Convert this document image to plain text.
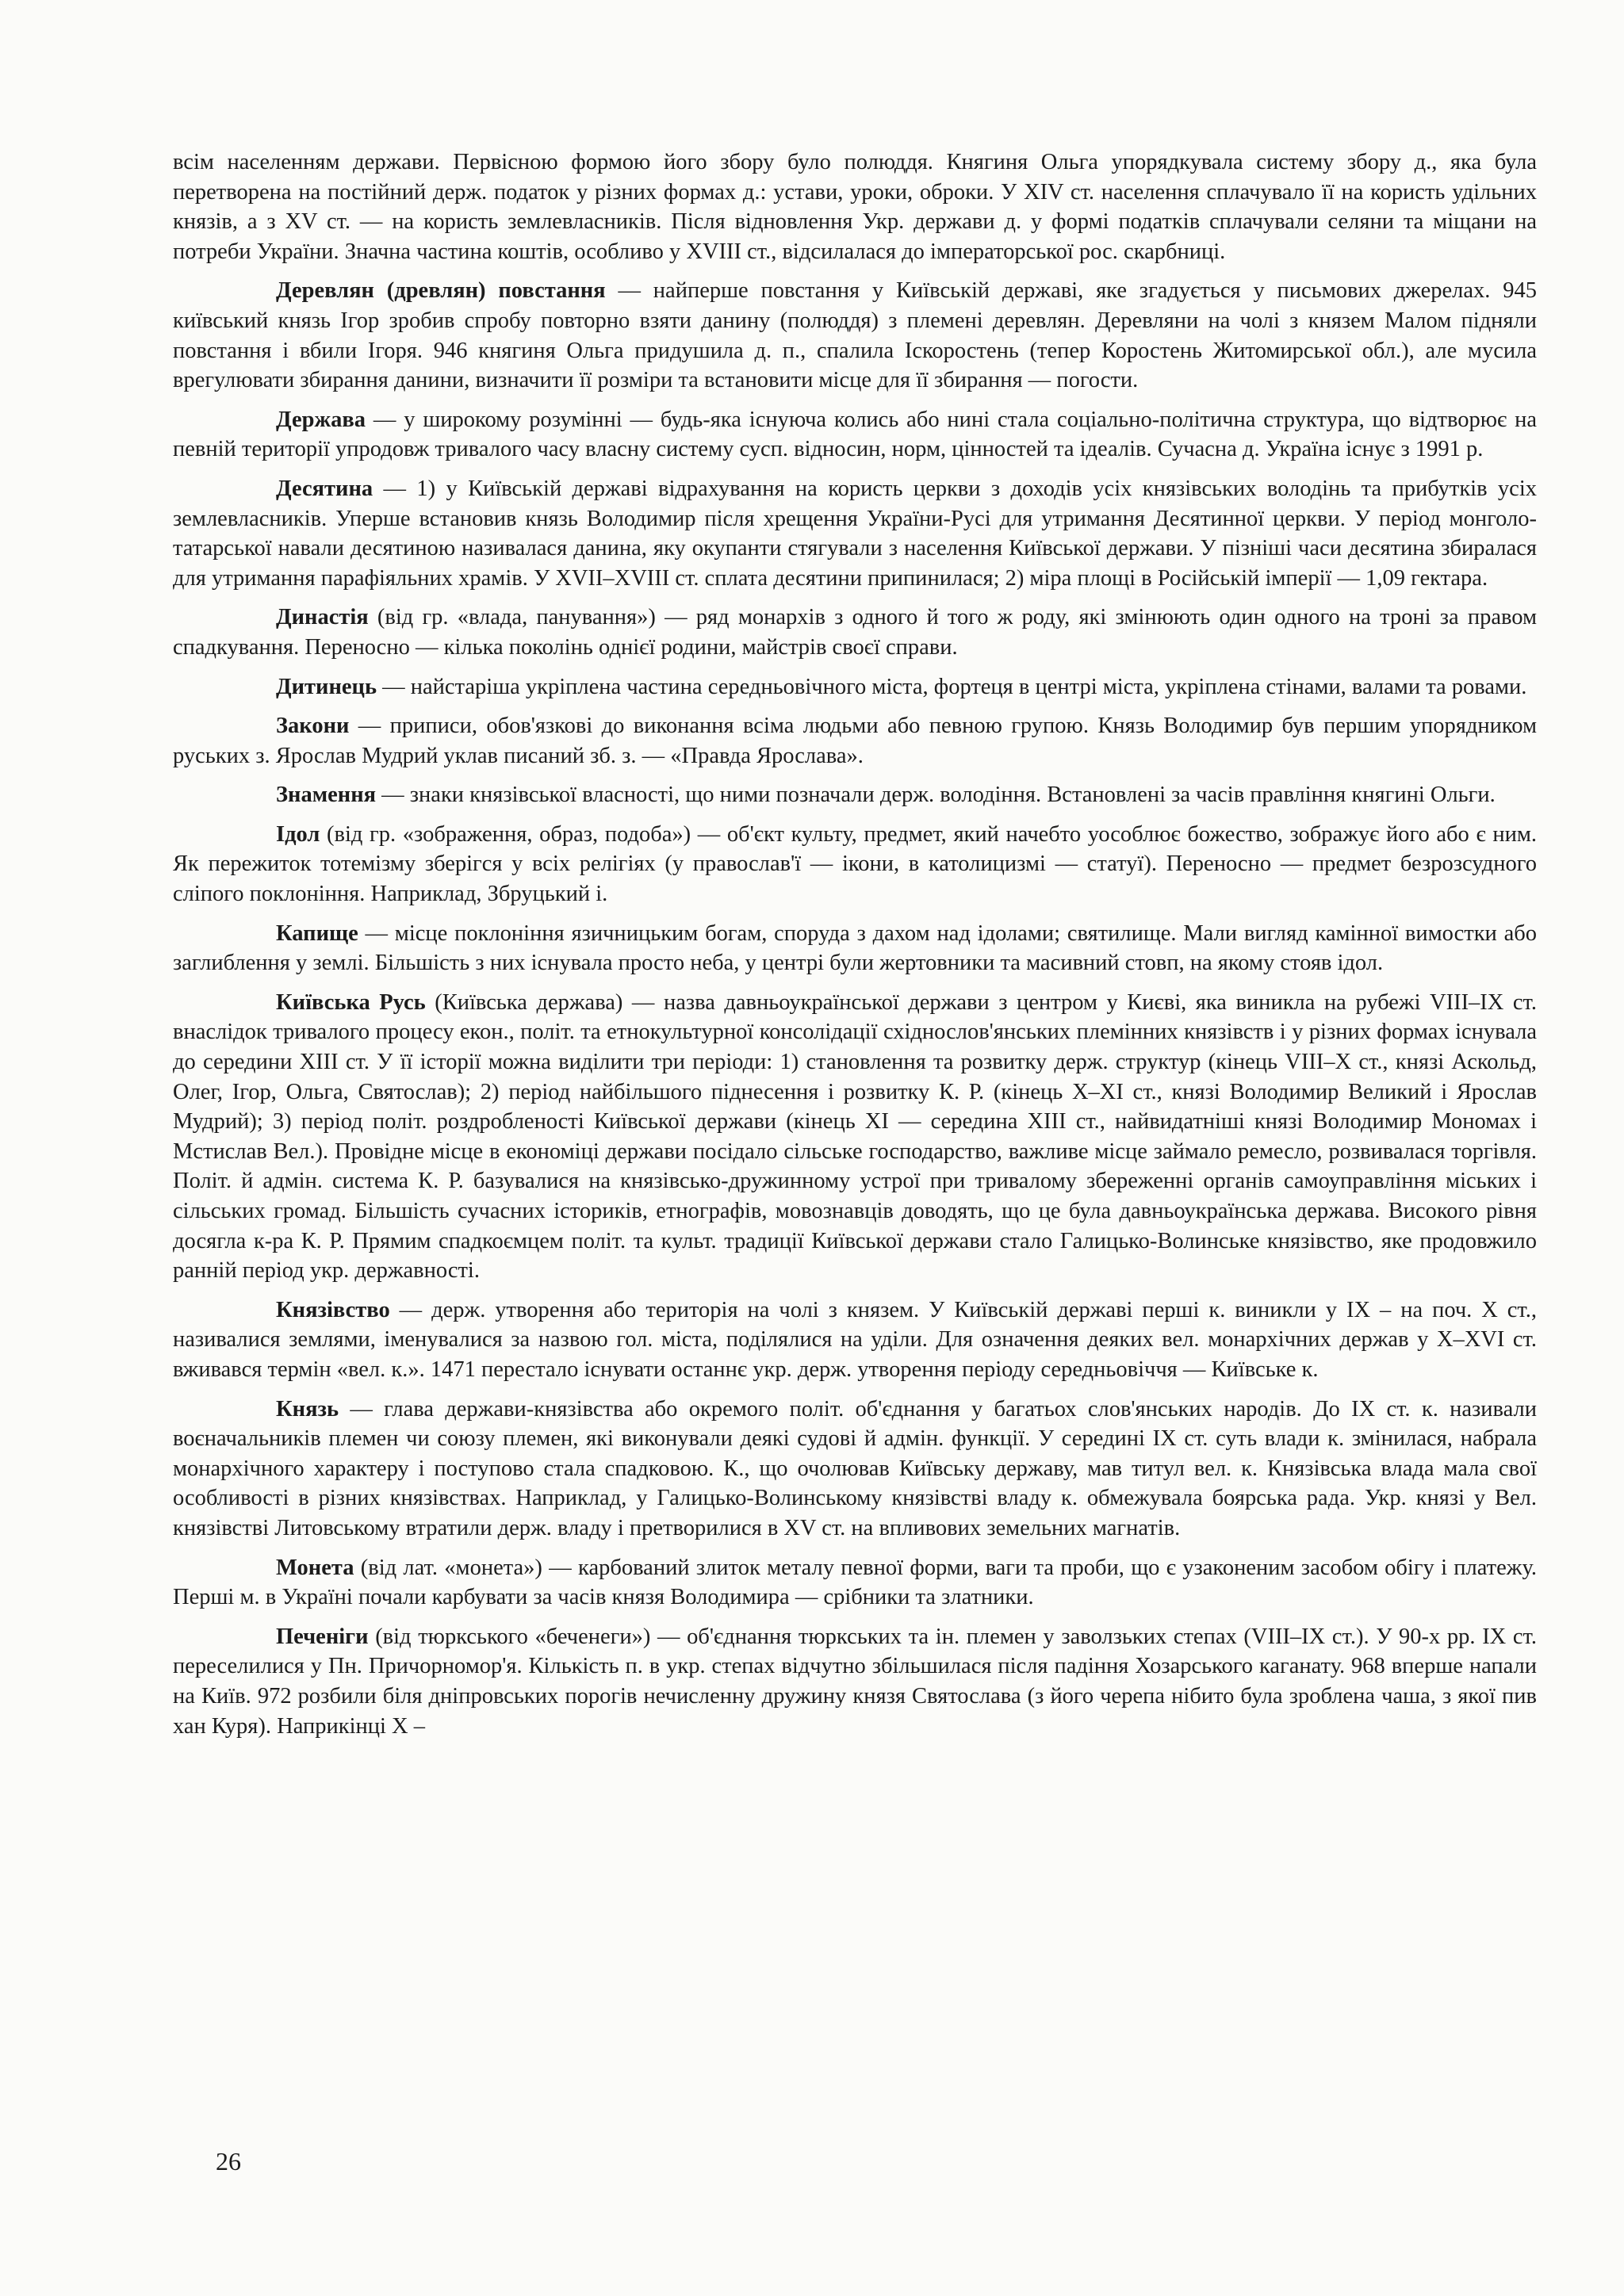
всім населенням держави. Первісною формою його збору було полюддя. Княгиня Ольга упорядкувала систему збору д., яка була перетворена на постійний держ. податок у різних формах д.: устави, уроки, оброки. У XIV ст. населення сплачувало її на користь удільних князів, а з XV ст. — на користь землевласників. Після відновлення Укр. держави д. у формі податків сплачували селяни та міщани на потреби України. Значна частина коштів, особливо у XVIII ст., відсилалася до імператорської рос. скарбниці.

Деревлян (древлян) повстання — найперше повстання у Київській державі, яке згадується у письмових джерелах. 945 київський князь Ігор зробив спробу повторно взяти данину (полюддя) з племені деревлян. Деревляни на чолі з князем Малом підняли повстання і вбили Ігоря. 946 княгиня Ольга придушила д. п., спалила Іскоростень (тепер Коростень Житомирської обл.), але мусила врегулювати збирання данини, визначити її розміри та встановити місце для її збирання — погости.

Держава — у широкому розумінні — будь-яка існуюча колись або нині стала соціально-політична структура, що відтворює на певній території упродовж тривалого часу власну систему сусп. відносин, норм, цінностей та ідеалів. Сучасна д. Україна існує з 1991 р.

Десятина — 1) у Київській державі відрахування на користь церкви з доходів усіх князівських володінь та прибутків усіх землевласників. Уперше встановив князь Володимир після хрещення України-Русі для утримання Десятинної церкви. У період монголо-татарської навали десятиною називалася данина, яку окупанти стягували з населення Київської держави. У пізніші часи десятина збиралася для утримання парафіяльних храмів. У XVII–XVIII ст. сплата десятини припинилася; 2) міра площі в Російській імперії — 1,09 гектара.

Династія (від гр. «влада, панування») — ряд монархів з одного й того ж роду, які змінюють один одного на троні за правом спадкування. Переносно — кілька поколінь однієї родини, майстрів своєї справи.

Дитинець — найстаріша укріплена частина середньовічного міста, фортеця в центрі міста, укріплена стінами, валами та ровами.

Закони — приписи, обов'язкові до виконання всіма людьми або певною групою. Князь Володимир був першим упорядником руських з. Ярослав Мудрий уклав писаний зб. з. — «Правда Ярослава».

Знамення — знаки князівської власності, що ними позначали держ. володіння. Встановлені за часів правління княгині Ольги.

Ідол (від гр. «зображення, образ, подоба») — об'єкт культу, предмет, який начебто уособлює божество, зображує його або є ним. Як пережиток тотемізму зберігся у всіх релігіях (у православ'ї — ікони, в католицизмі — статуї). Переносно — предмет безрозсудного сліпого поклоніння. Наприклад, Збруцький і.

Капище — місце поклоніння язичницьким богам, споруда з дахом над ідолами; святилище. Мали вигляд камінної вимостки або заглиблення у землі. Більшість з них існувала просто неба, у центрі були жертовники та масивний стовп, на якому стояв ідол.

Київська Русь (Київська держава) — назва давньоукраїнської держави з центром у Києві, яка виникла на рубежі VIII–IX ст. внаслідок тривалого процесу екон., політ. та етнокультурної консолідації східнослов'янських племінних князівств і у різних формах існувала до середини XIII ст. У її історії можна виділити три періоди: 1) становлення та розвитку держ. структур (кінець VIII–X ст., князі Аскольд, Олег, Ігор, Ольга, Святослав); 2) період найбільшого піднесення і розвитку К. Р. (кінець X–XI ст., князі Володимир Великий і Ярослав Мудрий); 3) період політ. роздробленості Київської держави (кінець XI — середина XIII ст., найвидатніші князі Володимир Мономах і Мстислав Вел.). Провідне місце в економіці держави посідало сільське господарство, важливе місце займало ремесло, розвивалася торгівля. Політ. й адмін. система К. Р. базувалися на князівсько-дружинному устрої при тривалому збереженні органів самоуправління міських і сільських громад. Більшість сучасних істориків, етнографів, мовознавців доводять, що це була давньоукраїнська держава. Високого рівня досягла к-ра К. Р. Прямим спадкоємцем політ. та культ. традиції Київської держави стало Галицько-Волинське князівство, яке продовжило ранній період укр. державності.

Князівство — держ. утворення або територія на чолі з князем. У Київській державі перші к. виникли у IX – на поч. X ст., називалися землями, іменувалися за назвою гол. міста, поділялися на уділи. Для означення деяких вел. монархічних держав у X–XVI ст. вживався термін «вел. к.». 1471 перестало існувати останнє укр. держ. утворення періоду середньовіччя — Київське к.

Князь — глава держави-князівства або окремого політ. об'єднання у багатьох слов'янських народів. До IX ст. к. називали воєначальників племен чи союзу племен, які виконували деякі судові й адмін. функції. У середині IX ст. суть влади к. змінилася, набрала монархічного характеру і поступово стала спадковою. К., що очолював Київську державу, мав титул вел. к. Князівська влада мала свої особливості в різних князівствах. Наприклад, у Галицько-Волинському князівстві владу к. обмежувала боярська рада. Укр. князі у Вел. князівстві Литовському втратили держ. владу і претворилися в XV ст. на впливових земельних магнатів.

Монета (від лат. «монета») — карбований злиток металу певної форми, ваги та проби, що є узаконеним засобом обігу і платежу. Перші м. в Україні почали карбувати за часів князя Володимира — срібники та златники.

Печеніги (від тюркського «беченеги») — об'єднання тюркських та ін. племен у заволзьких степах (VIII–IX ст.). У 90-х рр. IX ст. переселилися у Пн. Причорномор'я. Кількість п. в укр. степах відчутно збільшилася після падіння Хозарського каганату. 968 вперше напали на Київ. 972 розбили біля дніпровських порогів нечисленну дружину князя Святослава (з його черепа нібито була зроблена чаша, з якої пив хан Куря). Наприкінці X –

26
